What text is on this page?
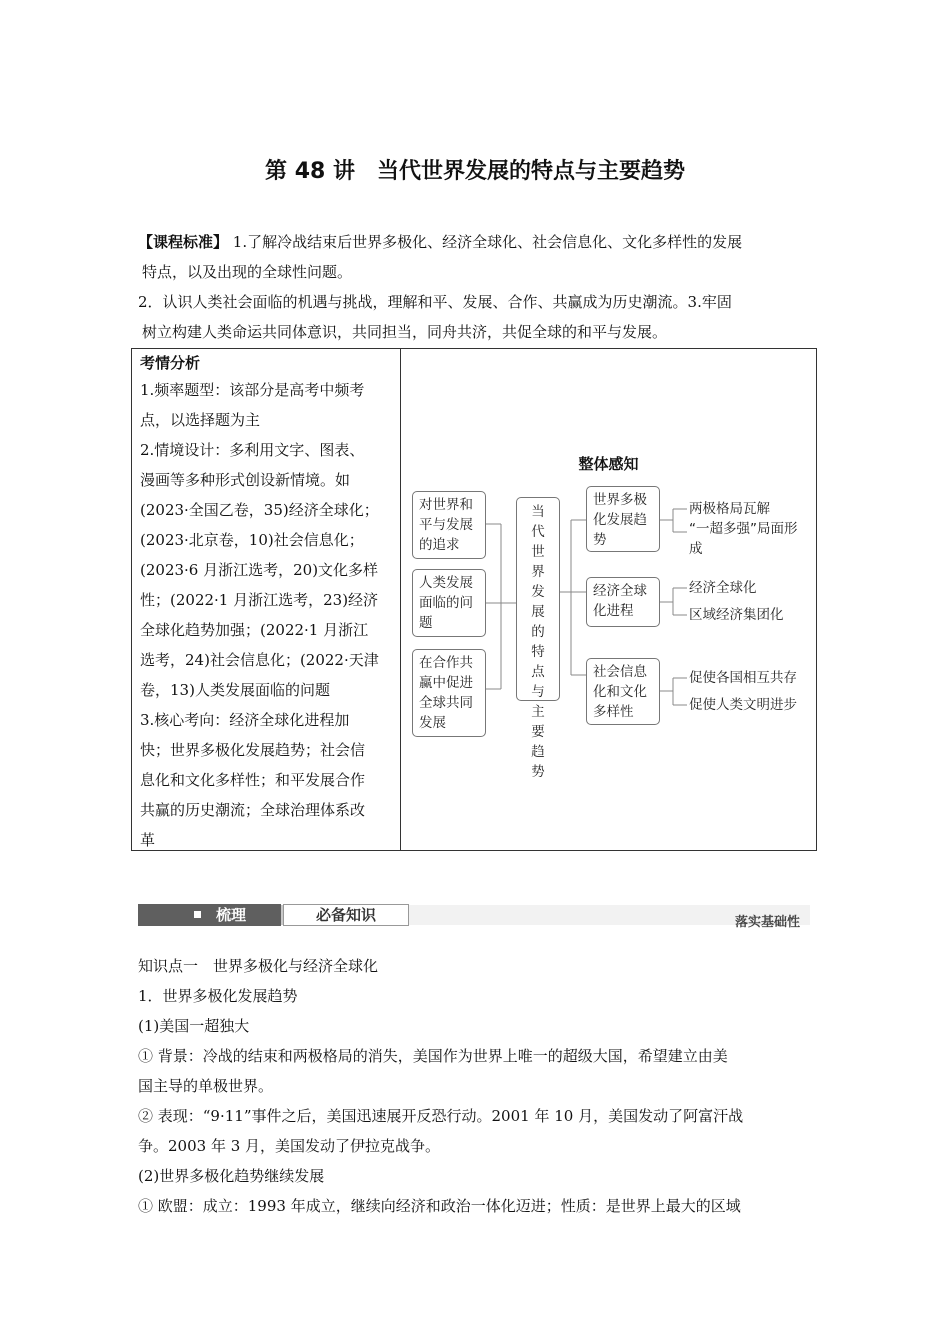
第 48 讲　当代世界发展的特点与主要趋势
【课程标准】 1.了解冷战结束后世界多极化、经济全球化、社会信息化、文化多样性的发展
特点，以及出现的全球性问题。
2．认识人类社会面临的机遇与挑战，理解和平、发展、合作、共赢成为历史潮流。3.牢固
树立构建人类命运共同体意识，共同担当，同舟共济，共促全球的和平与发展。
考情分析
1.频率题型：该部分是高考中频考
点，以选择题为主
2.情境设计：多利用文字、图表、
漫画等多种形式创设新情境。如
(2023·全国乙卷，35)经济全球化；
(2023·北京卷，10)社会信息化；
(2023·6 月浙江选考，20)文化多样
性；(2022·1 月浙江选考，23)经济
全球化趋势加强；(2022·1 月浙江
选考，24)社会信息化；(2022·天津
卷，13)人类发展面临的问题
3.核心考向：经济全球化进程加
快；世界多极化发展趋势；社会信
息化和文化多样性；和平发展合作
共赢的历史潮流；全球治理体系改
革
整体感知
对世界和平与发展的追求
人类发展面临的问题
在合作共赢中促进全球共同发展
当代世界发展的特点与主要趋势
世界多极化发展趋势
经济全球化进程
社会信息化和文化多样性
两极格局瓦解
“一超多强”局面形成
经济全球化
区域经济集团化
促使各国相互共存
促使人类文明进步
梳理	必备知识	落实基础性
知识点一　世界多极化与经济全球化
1．世界多极化发展趋势
(1)美国一超独大
① 背景：冷战的结束和两极格局的消失，美国作为世界上唯一的超级大国，希望建立由美
国主导的单极世界。
② 表现：“9·11”事件之后，美国迅速展开反恐行动。2001 年 10 月，美国发动了阿富汗战
争。2003 年 3 月，美国发动了伊拉克战争。
(2)世界多极化趋势继续发展
① 欧盟：成立：1993 年成立，继续向经济和政治一体化迈进；性质：是世界上最大的区域
